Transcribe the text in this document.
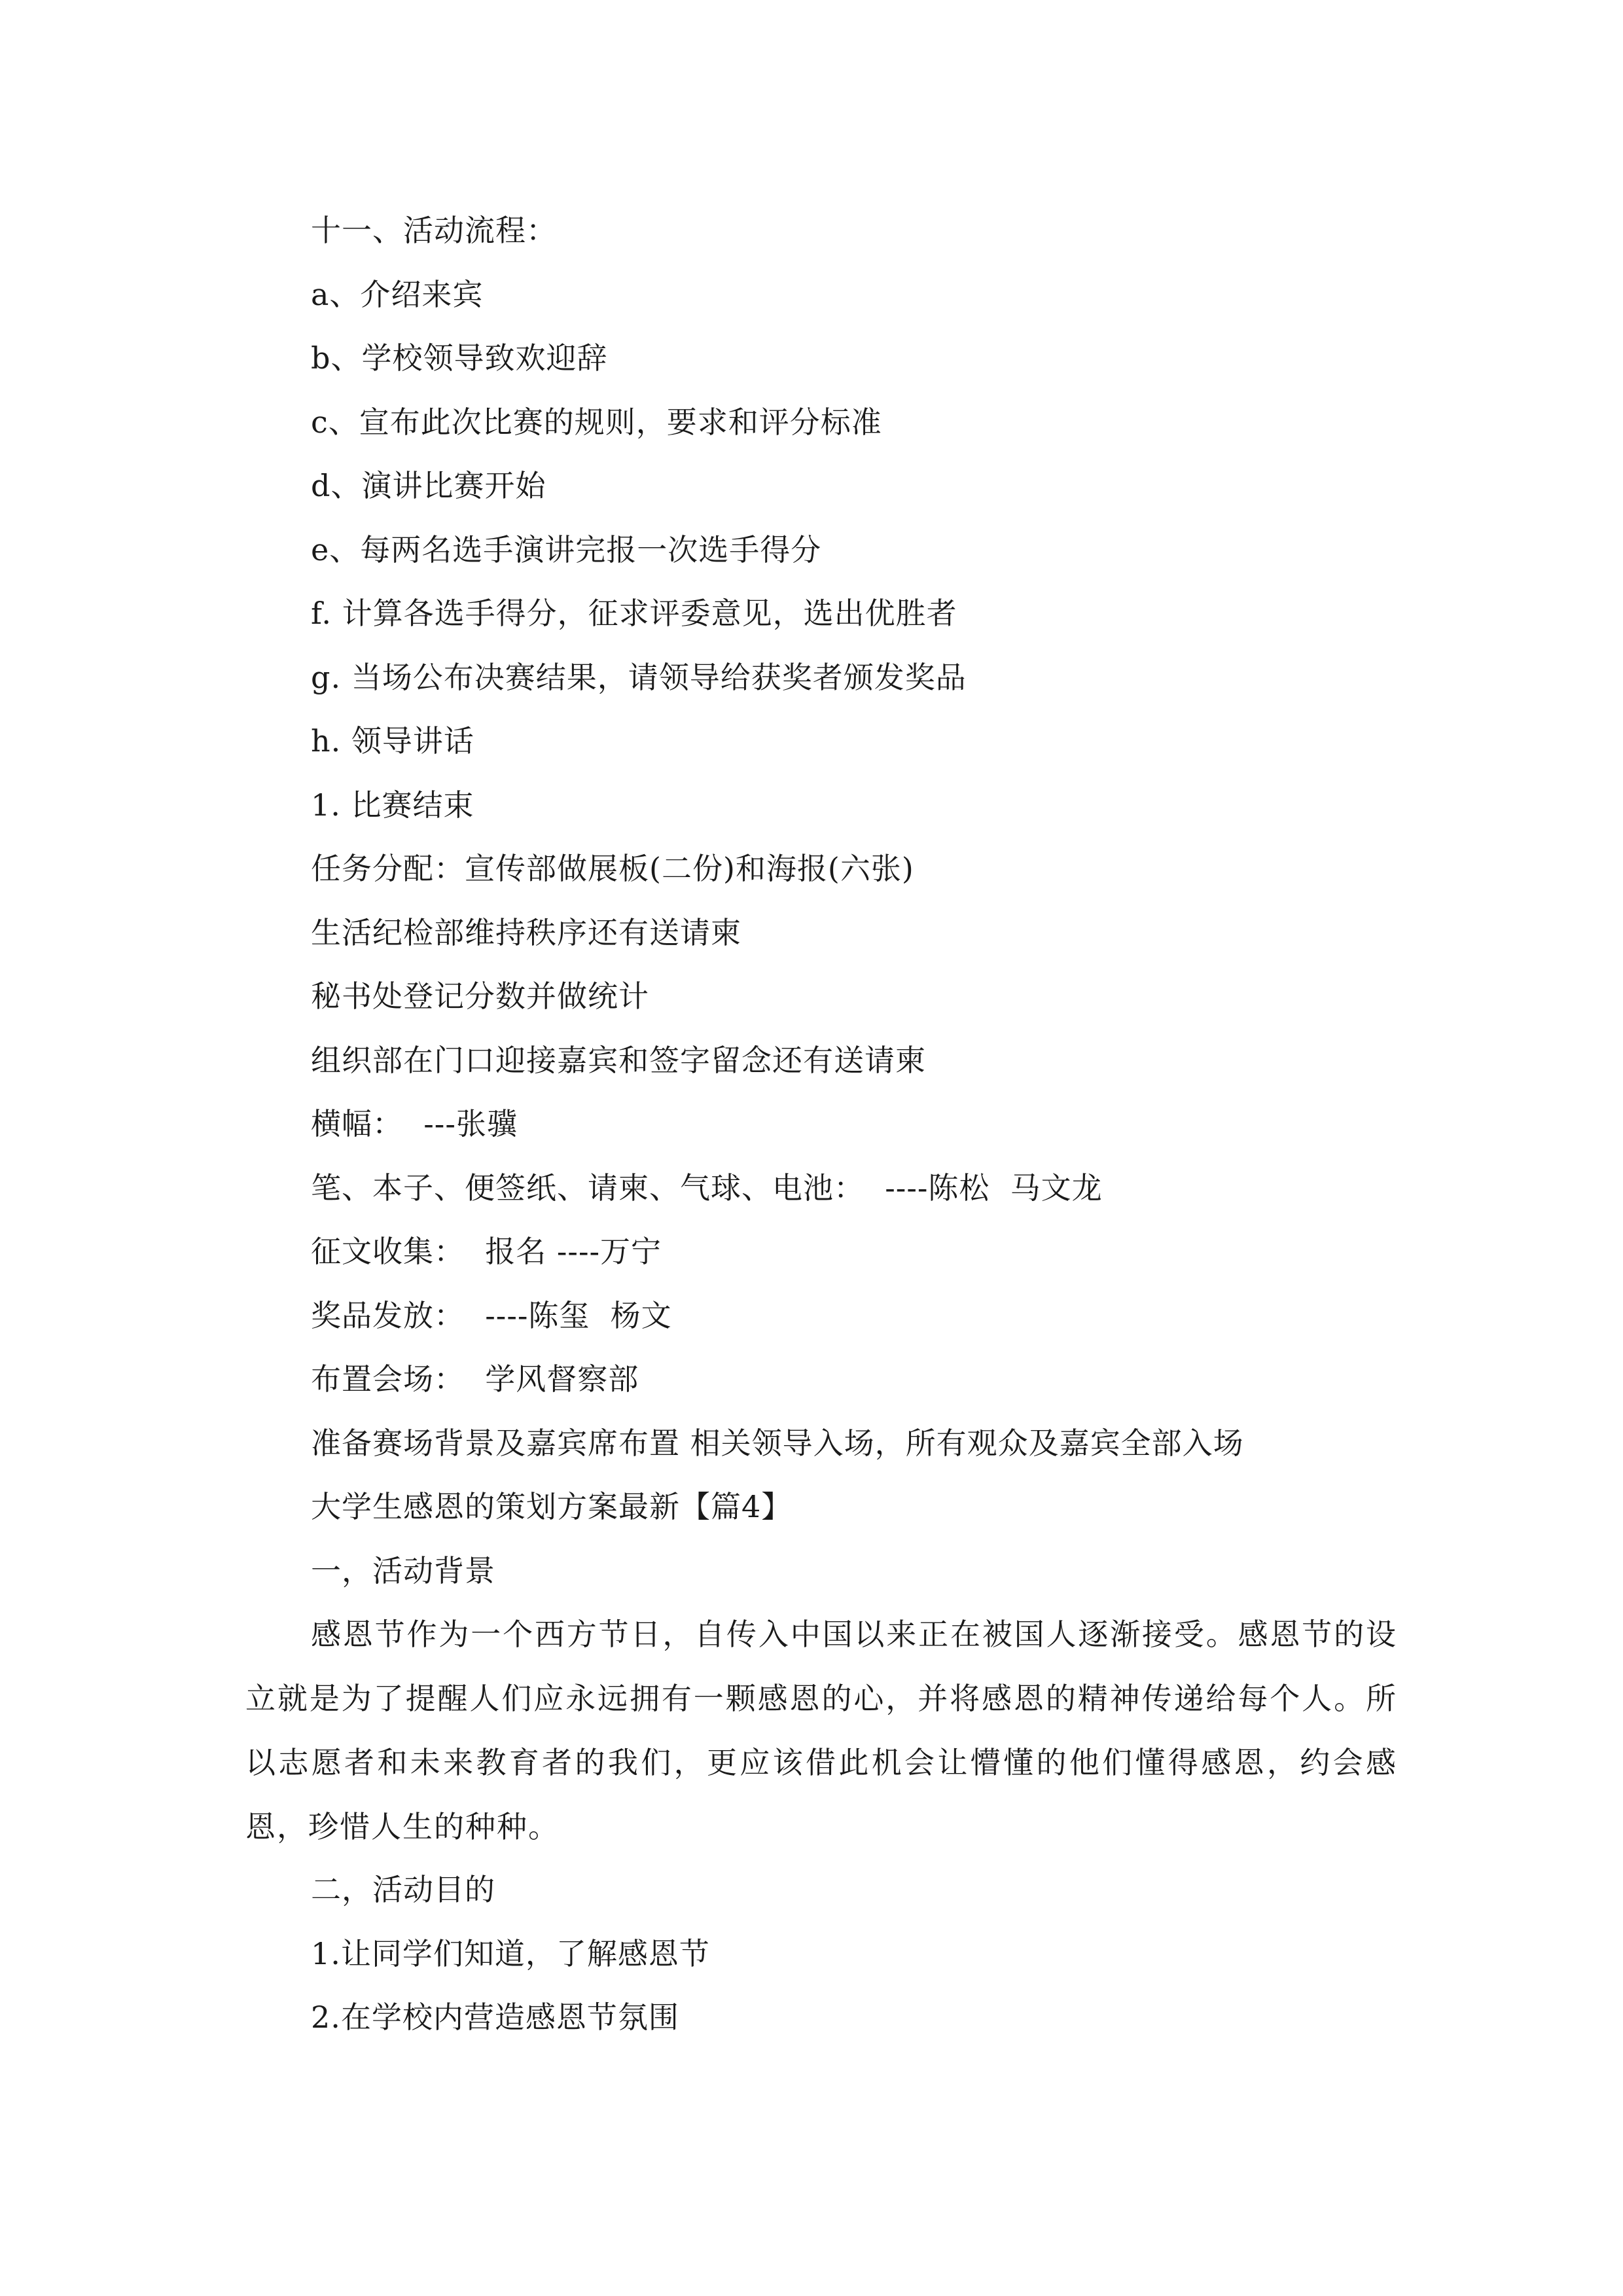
十一、活动流程：
a、介绍来宾
b、学校领导致欢迎辞
c、宣布此次比赛的规则，要求和评分标准
d、演讲比赛开始
e、每两名选手演讲完报一次选手得分
f. 计算各选手得分，征求评委意见，选出优胜者
g. 当场公布决赛结果，请领导给获奖者颁发奖品
h. 领导讲话
1. 比赛结束
任务分配：宣传部做展板(二份)和海报(六张)
生活纪检部维持秩序还有送请柬
秘书处登记分数并做统计
组织部在门口迎接嘉宾和签字留念还有送请柬
横幅：  ---张骥
笔、本子、便签纸、请柬、气球、电池：  ----陈松  马文龙
征文收集：  报名 ----万宁
奖品发放：  ----陈玺  杨文
布置会场：  学风督察部
准备赛场背景及嘉宾席布置 相关领导入场，所有观众及嘉宾全部入场
大学生感恩的策划方案最新【篇4】
一，活动背景
感恩节作为一个西方节日，自传入中国以来正在被国人逐渐接受。感恩节的设立就是为了提醒人们应永远拥有一颗感恩的心，并将感恩的精神传递给每个人。所以志愿者和未来教育者的我们，更应该借此机会让懵懂的他们懂得感恩，约会感恩，珍惜人生的种种。
二，活动目的
1.让同学们知道，了解感恩节
2.在学校内营造感恩节氛围
